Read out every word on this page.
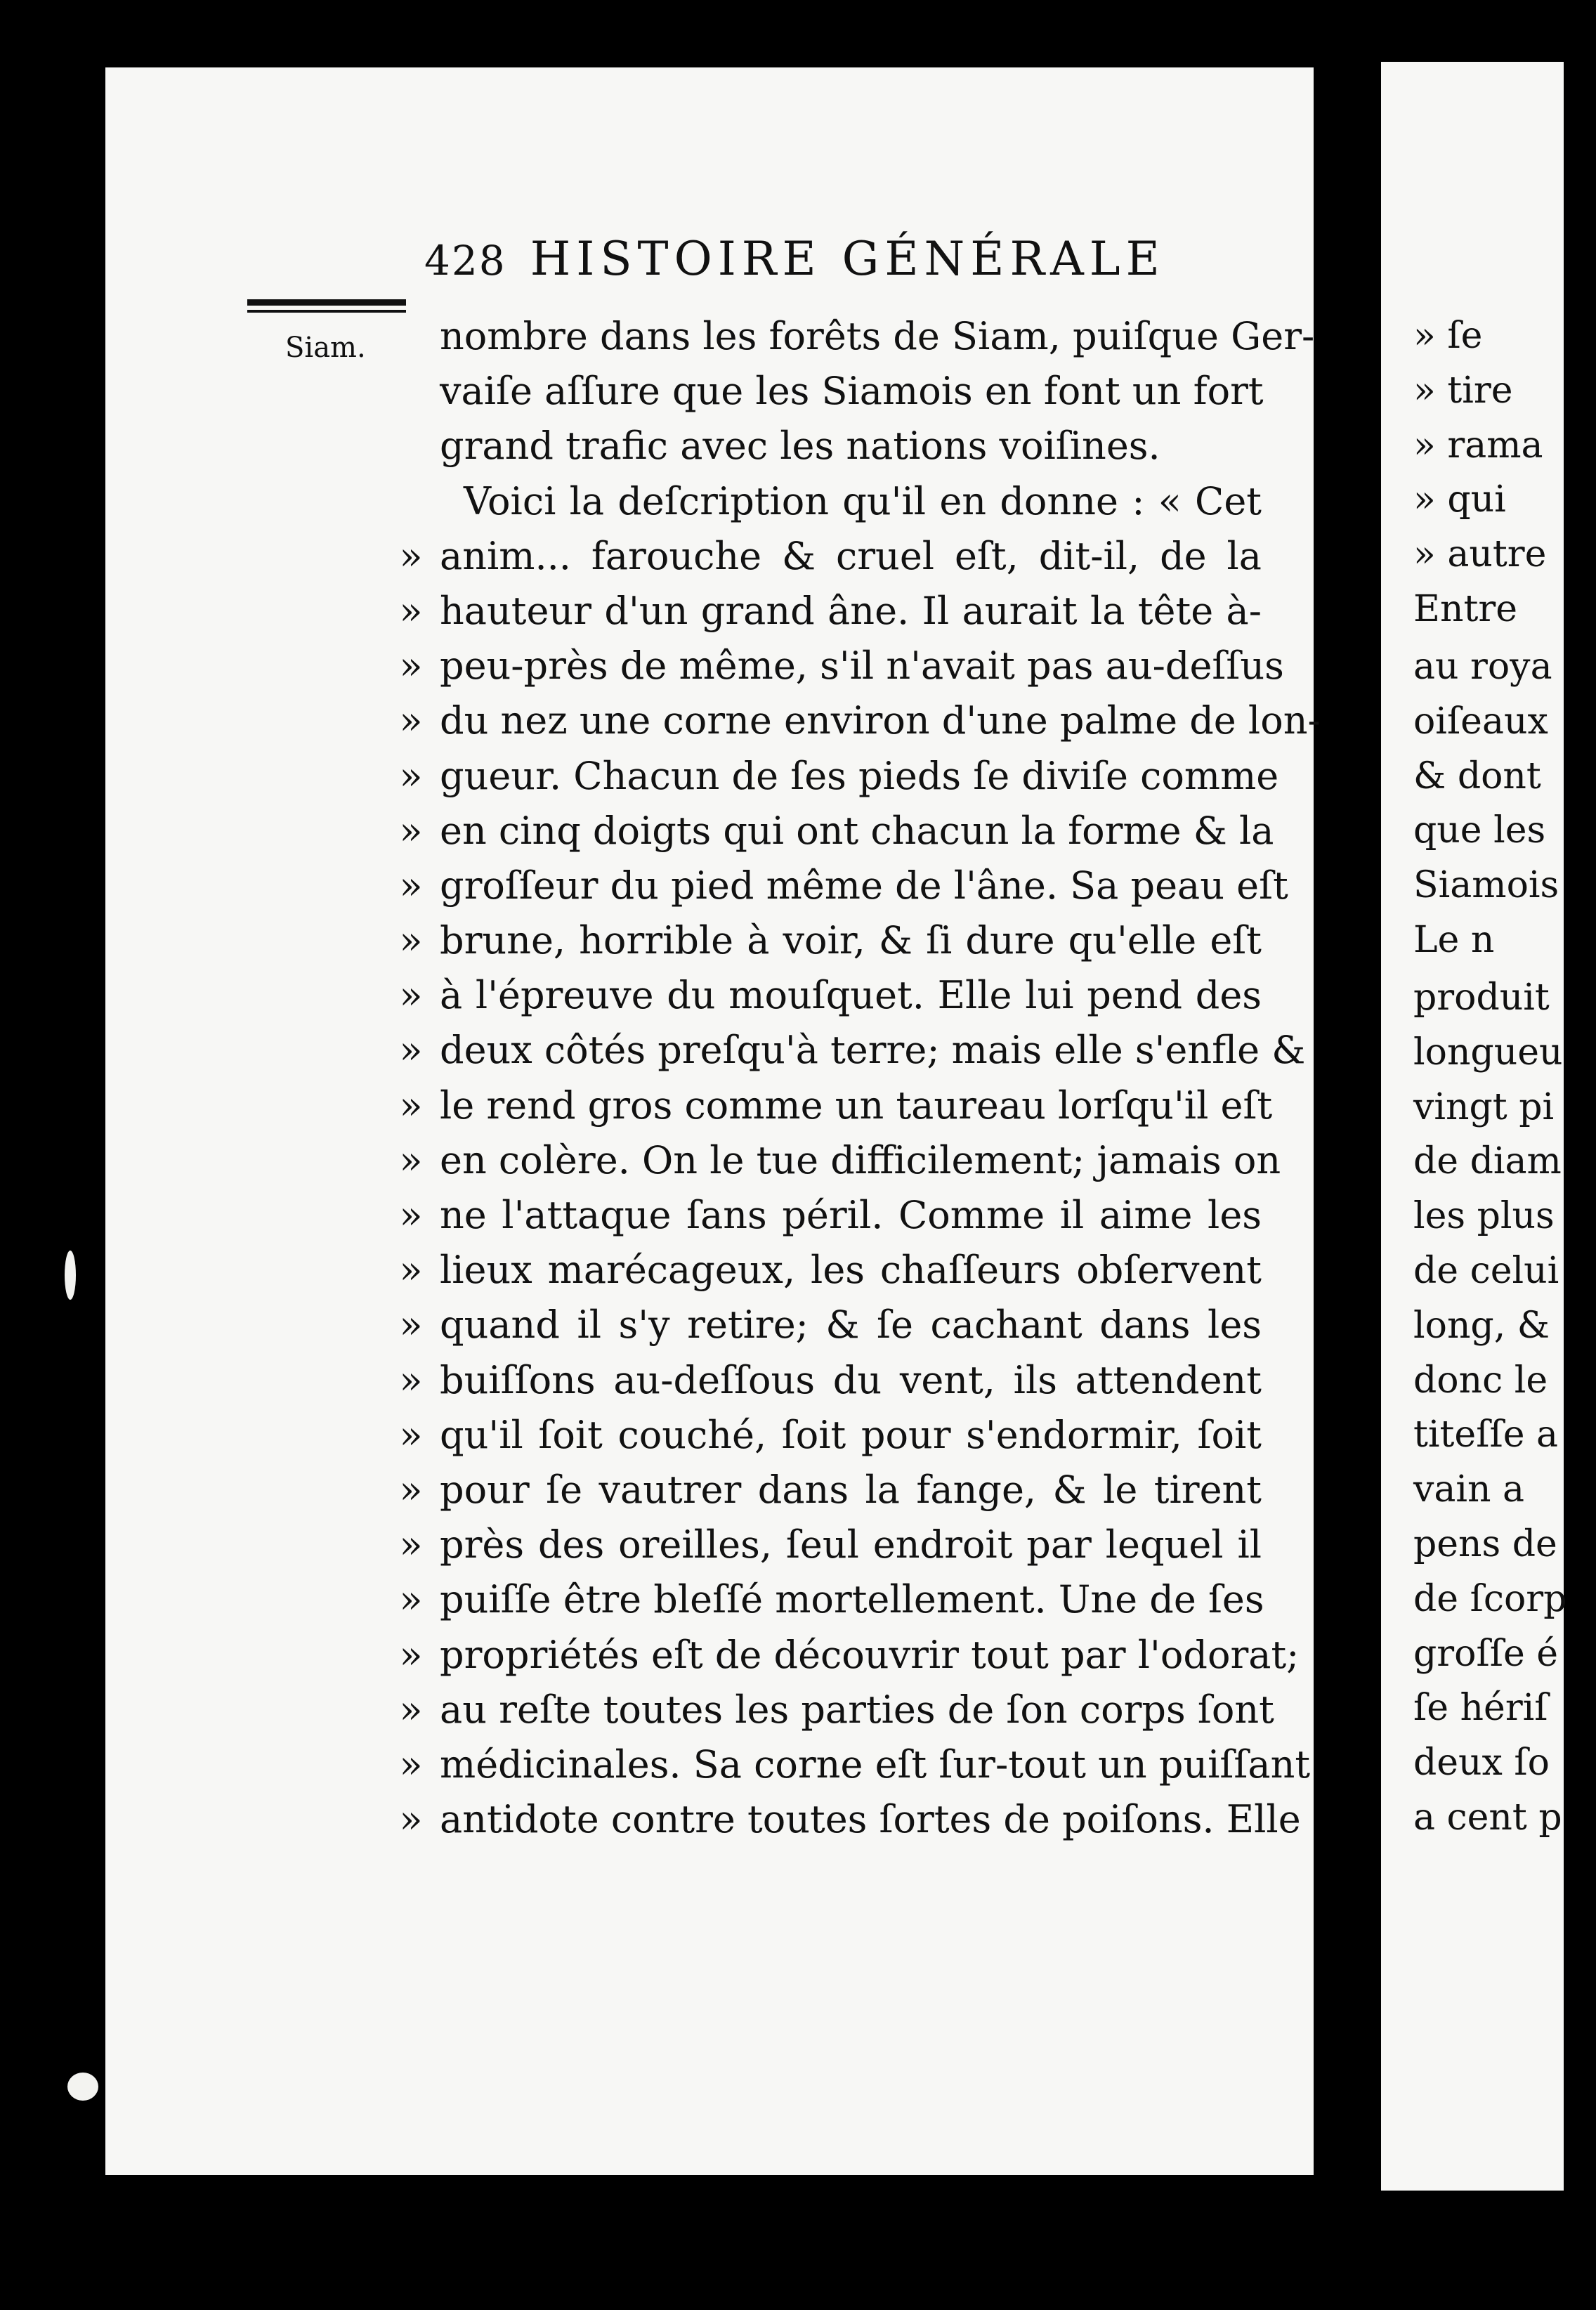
428 HISTOIRE GÉNÉRALE
Siam. nombre dans les forêts de Siam, puiſque Ger-
vaiſe aſſure que les Siamois en font un fort
grand trafic avec les nations voiſines.
Voici la deſcription qu'il en donne : « Cet
» anim... farouche & cruel eſt, dit-il, de la
» hauteur d'un grand âne. Il aurait la tête à-
» peu-près de même, s'il n'avait pas au-deſſus
» du nez une corne environ d'une palme de lon-
» gueur. Chacun de ſes pieds ſe diviſe comme
» en cinq doigts qui ont chacun la forme & la
» groſſeur du pied même de l'âne. Sa peau eſt
» brune, horrible à voir, & ſi dure qu'elle eſt
» à l'épreuve du mouſquet. Elle lui pend des
» deux côtés preſqu'à terre; mais elle s'enfle &
» le rend gros comme un taureau lorſqu'il eſt
» en colère. On le tue difficilement; jamais on
» ne l'attaque ſans péril. Comme il aime les
» lieux marécageux, les chaſſeurs obſervent
» quand il s'y retire; & ſe cachant dans les
» buiſſons au-deſſous du vent, ils attendent
» qu'il ſoit couché, ſoit pour s'endormir, ſoit
» pour ſe vautrer dans la fange, & le tirent
» près des oreilles, ſeul endroit par lequel il
» puiſſe être bleſſé mortellement. Une de ſes
» propriétés eſt de découvrir tout par l'odorat;
» au reſte toutes les parties de ſon corps ſont
» médicinales. Sa corne eſt ſur-tout un puiſſant
» antidote contre toutes ſortes de poiſons. Elle
» ſe
» tire
» rama
» qui
» autre
Entre
au roya
oiſeaux
& dont
que les
Siamois
Le n
produit
longueu
vingt pi
de diam
les plus
de celui
long, &
donc le
titeſſe a
vain a
pens de
de ſcorp
groſſe é
ſe hériſ
deux ſo
a cent p
